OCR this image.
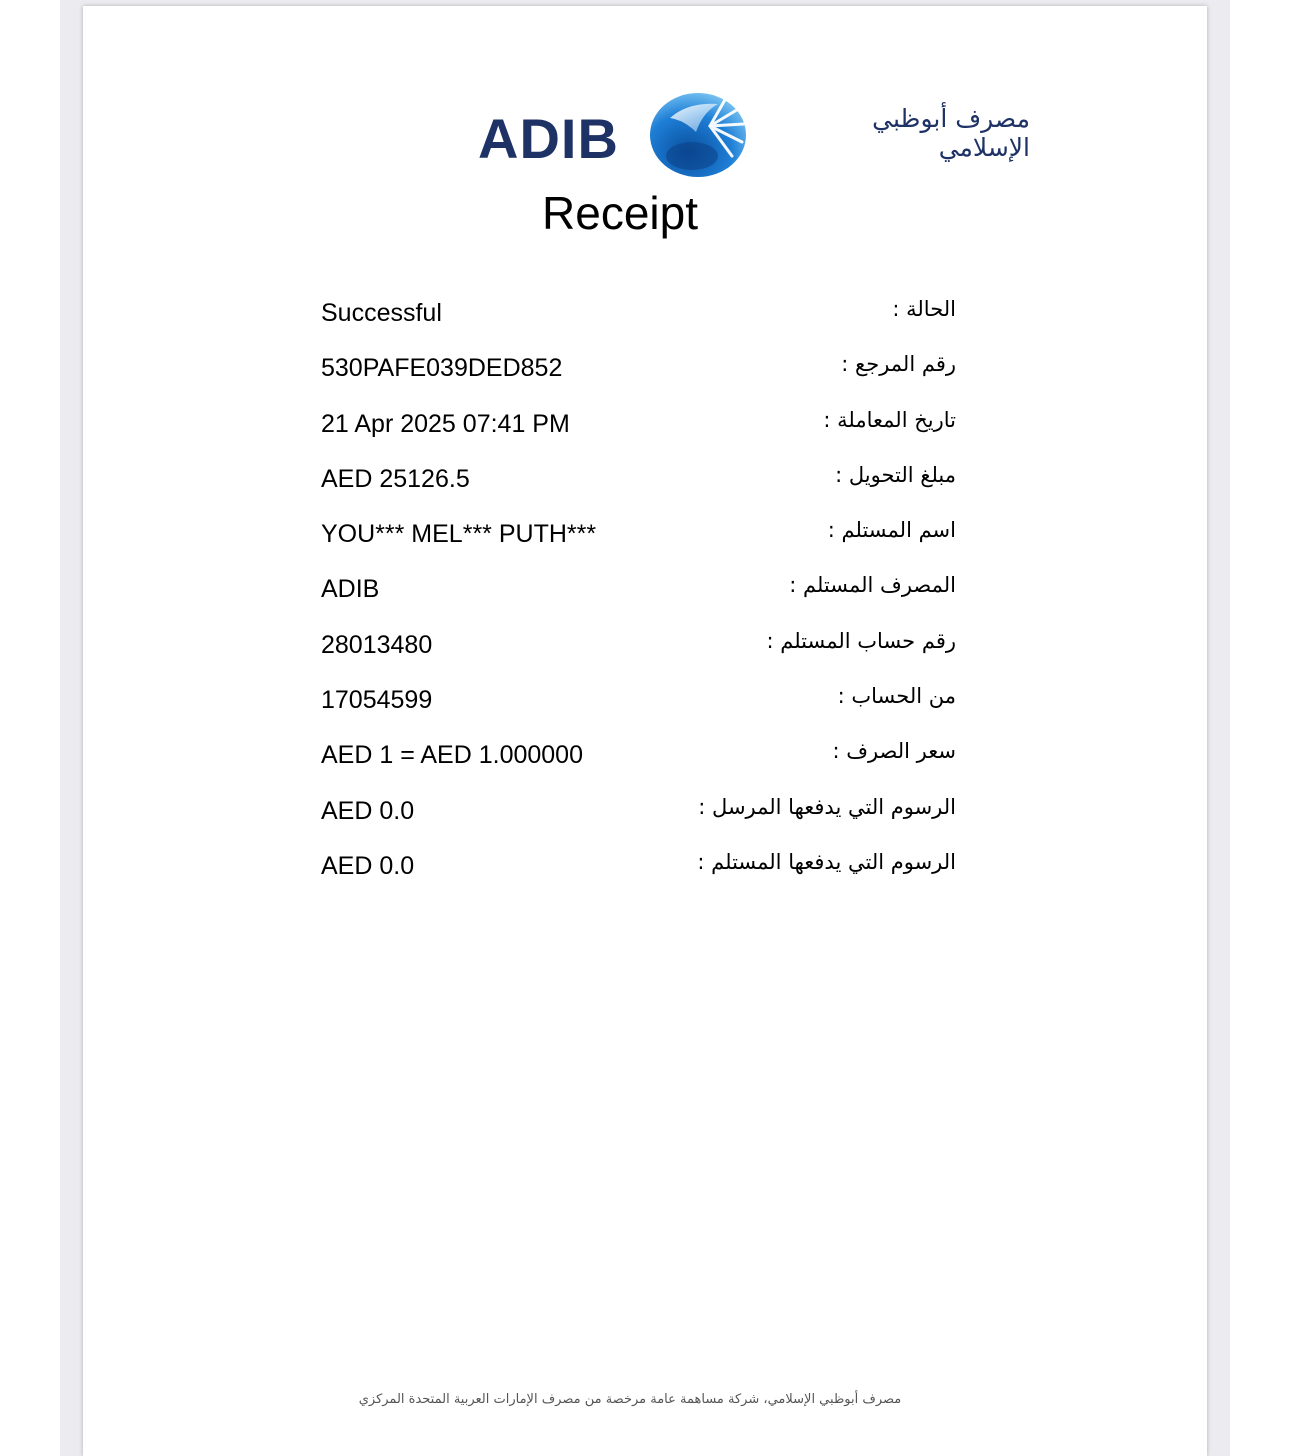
ADIB	مصرف أبوظبي
الإسلامي
Receipt
Successful	الحالة :
530PAFE039DED852	رقم المرجع :
21 Apr 2025 07:41 PM	تاريخ المعاملة :
AED 25126.5	مبلغ التحويل :
YOU*** MEL*** PUTH***	اسم المستلم :
ADIB	المصرف المستلم :
28013480	رقم حساب المستلم :
17054599	من الحساب :
AED 1 = AED 1.000000	سعر الصرف :
AED 0.0	الرسوم التي يدفعها المرسل :
AED 0.0	الرسوم التي يدفعها المستلم :
مصرف أبوظبي الإسلامي، شركة مساهمة عامة مرخصة من مصرف الإمارات العربية المتحدة المركزي
